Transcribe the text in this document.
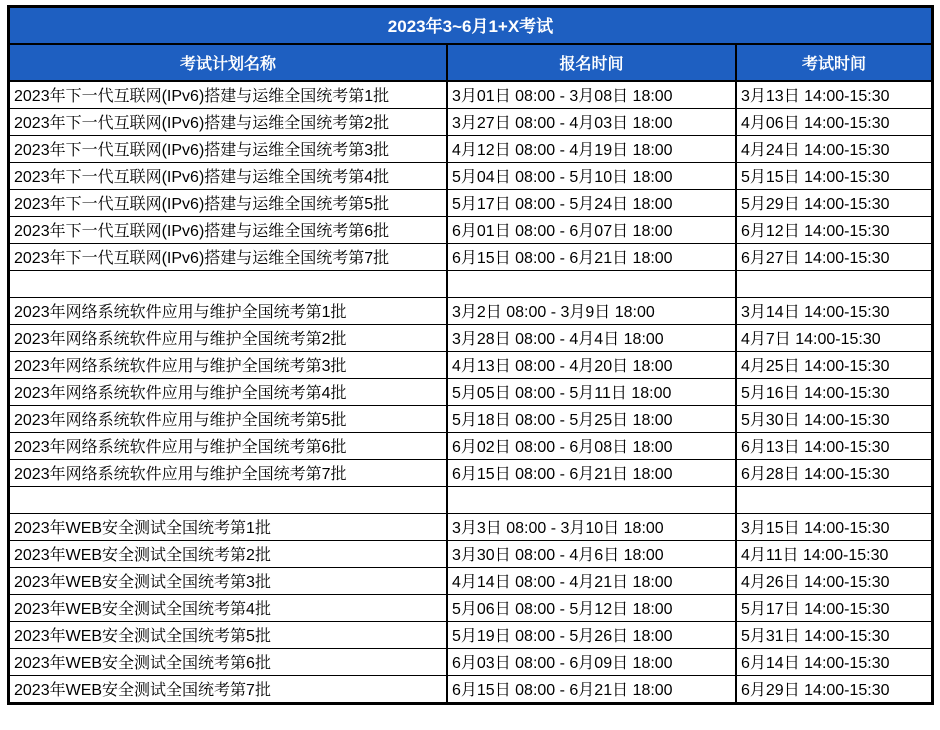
2023年3~6月1+X考试
考试计划名称	报名时间	考试时间
2023年下一代互联网(IPv6)搭建与运维全国统考第1批	3月01日 08:00 - 3月08日 18:00	3月13日 14:00-15:30
2023年下一代互联网(IPv6)搭建与运维全国统考第2批	3月27日 08:00 - 4月03日 18:00	4月06日 14:00-15:30
2023年下一代互联网(IPv6)搭建与运维全国统考第3批	4月12日 08:00 - 4月19日 18:00	4月24日 14:00-15:30
2023年下一代互联网(IPv6)搭建与运维全国统考第4批	5月04日 08:00 - 5月10日 18:00	5月15日 14:00-15:30
2023年下一代互联网(IPv6)搭建与运维全国统考第5批	5月17日 08:00 - 5月24日 18:00	5月29日 14:00-15:30
2023年下一代互联网(IPv6)搭建与运维全国统考第6批	6月01日 08:00 - 6月07日 18:00	6月12日 14:00-15:30
2023年下一代互联网(IPv6)搭建与运维全国统考第7批	6月15日 08:00 - 6月21日 18:00	6月27日 14:00-15:30

2023年网络系统软件应用与维护全国统考第1批	3月2日 08:00 - 3月9日 18:00	3月14日 14:00-15:30
2023年网络系统软件应用与维护全国统考第2批	3月28日 08:00 - 4月4日 18:00	4月7日 14:00-15:30
2023年网络系统软件应用与维护全国统考第3批	4月13日 08:00 - 4月20日 18:00	4月25日 14:00-15:30
2023年网络系统软件应用与维护全国统考第4批	5月05日 08:00 - 5月11日 18:00	5月16日 14:00-15:30
2023年网络系统软件应用与维护全国统考第5批	5月18日 08:00 - 5月25日 18:00	5月30日 14:00-15:30
2023年网络系统软件应用与维护全国统考第6批	6月02日 08:00 - 6月08日 18:00	6月13日 14:00-15:30
2023年网络系统软件应用与维护全国统考第7批	6月15日 08:00 - 6月21日 18:00	6月28日 14:00-15:30

2023年WEB安全测试全国统考第1批	3月3日 08:00 - 3月10日 18:00	3月15日 14:00-15:30
2023年WEB安全测试全国统考第2批	3月30日 08:00 - 4月6日 18:00	4月11日 14:00-15:30
2023年WEB安全测试全国统考第3批	4月14日 08:00 - 4月21日 18:00	4月26日 14:00-15:30
2023年WEB安全测试全国统考第4批	5月06日 08:00 - 5月12日 18:00	5月17日 14:00-15:30
2023年WEB安全测试全国统考第5批	5月19日 08:00 - 5月26日 18:00	5月31日 14:00-15:30
2023年WEB安全测试全国统考第6批	6月03日 08:00 - 6月09日 18:00	6月14日 14:00-15:30
2023年WEB安全测试全国统考第7批	6月15日 08:00 - 6月21日 18:00	6月29日 14:00-15:30
